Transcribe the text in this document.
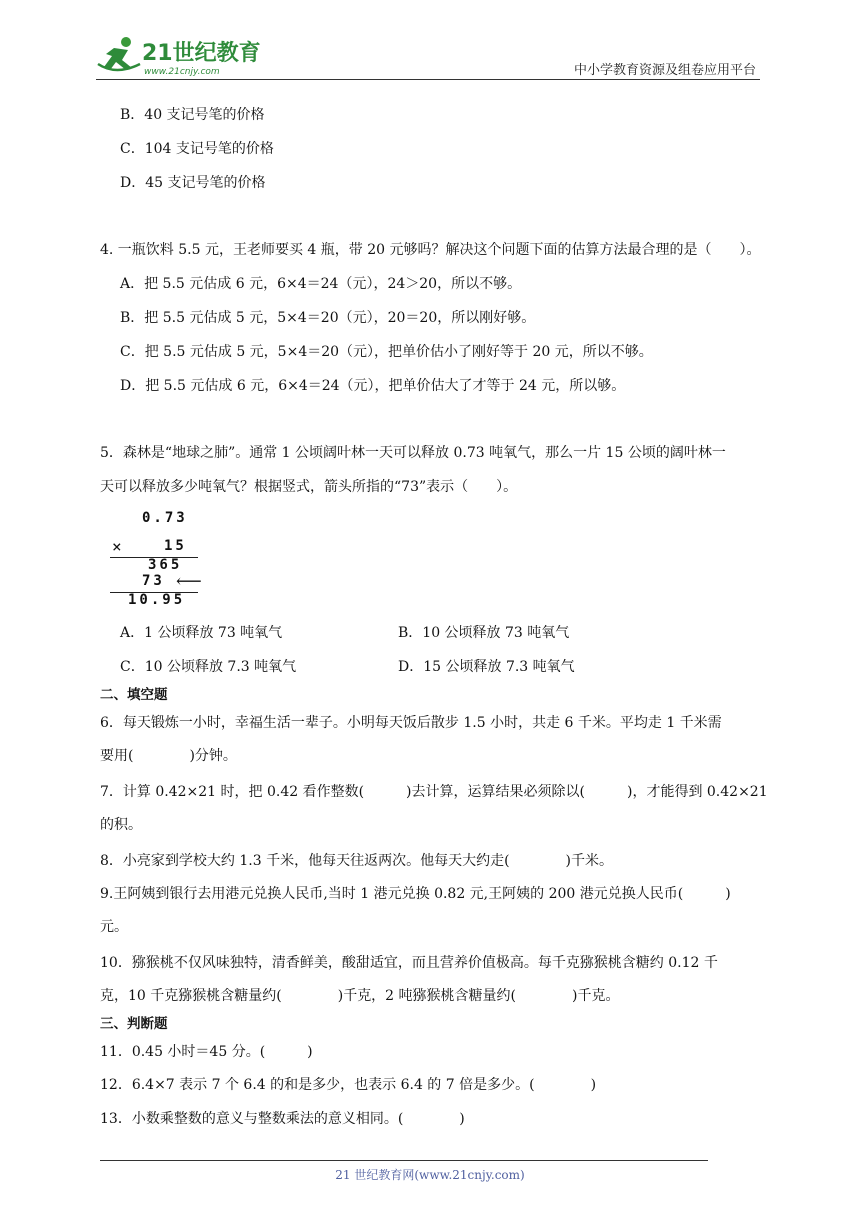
21世纪教育
www.21cnjy.com	中小学教育资源及组卷应用平台
B．40 支记号笔的价格
C．104 支记号笔的价格
D．45 支记号笔的价格
4. 一瓶饮料 5.5 元，王老师要买 4 瓶，带 20 元够吗？解决这个问题下面的估算方法最合理的是（　　）。
A．把 5.5 元估成 6 元，6×4＝24（元），24＞20，所以不够。
B．把 5.5 元估成 5 元，5×4＝20（元），20＝20，所以刚好够。
C．把 5.5 元估成 5 元，5×4＝20（元），把单价估小了刚好等于 20 元，所以不够。
D．把 5.5 元估成 6 元，6×4＝24（元），把单价估大了才等于 24 元，所以够。
5．森林是“地球之肺”。通常 1 公顷阔叶林一天可以释放 0.73 吨氧气，那么一片 15 公顷的阔叶林一
天可以释放多少吨氧气？根据竖式，箭头所指的“73”表示（　　）。
0.73
×	15
365
73 ⟵
10.95
A．1 公顷释放 73 吨氧气	B．10 公顷释放 73 吨氧气
C．10 公顷释放 7.3 吨氧气	D．15 公顷释放 7.3 吨氧气
二、填空题
6．每天锻炼一小时，幸福生活一辈子。小明每天饭后散步 1.5 小时，共走 6 千米。平均走 1 千米需
要用(　　　　)分钟。
7．计算 0.42×21 时，把 0.42 看作整数(　　　)去计算，运算结果必须除以(　　　)，才能得到 0.42×21
的积。
8．小亮家到学校大约 1.3 千米，他每天往返两次。他每天大约走(　　　　)千米。
9.王阿姨到银行去用港元兑换人民币,当时 1 港元兑换 0.82 元,王阿姨的 200 港元兑换人民币(　　　)
元。
10．猕猴桃不仅风味独特，清香鲜美，酸甜适宜，而且营养价值极高。每千克猕猴桃含糖约 0.12 千
克，10 千克猕猴桃含糖量约(　　　　)千克，2 吨猕猴桃含糖量约(　　　　)千克。
三、判断题
11．0.45 小时＝45 分。(　　　)
12．6.4×7 表示 7 个 6.4 的和是多少，也表示 6.4 的 7 倍是多少。(　　　　)
13．小数乘整数的意义与整数乘法的意义相同。(　　　　)
21 世纪教育网(www.21cnjy.com)
